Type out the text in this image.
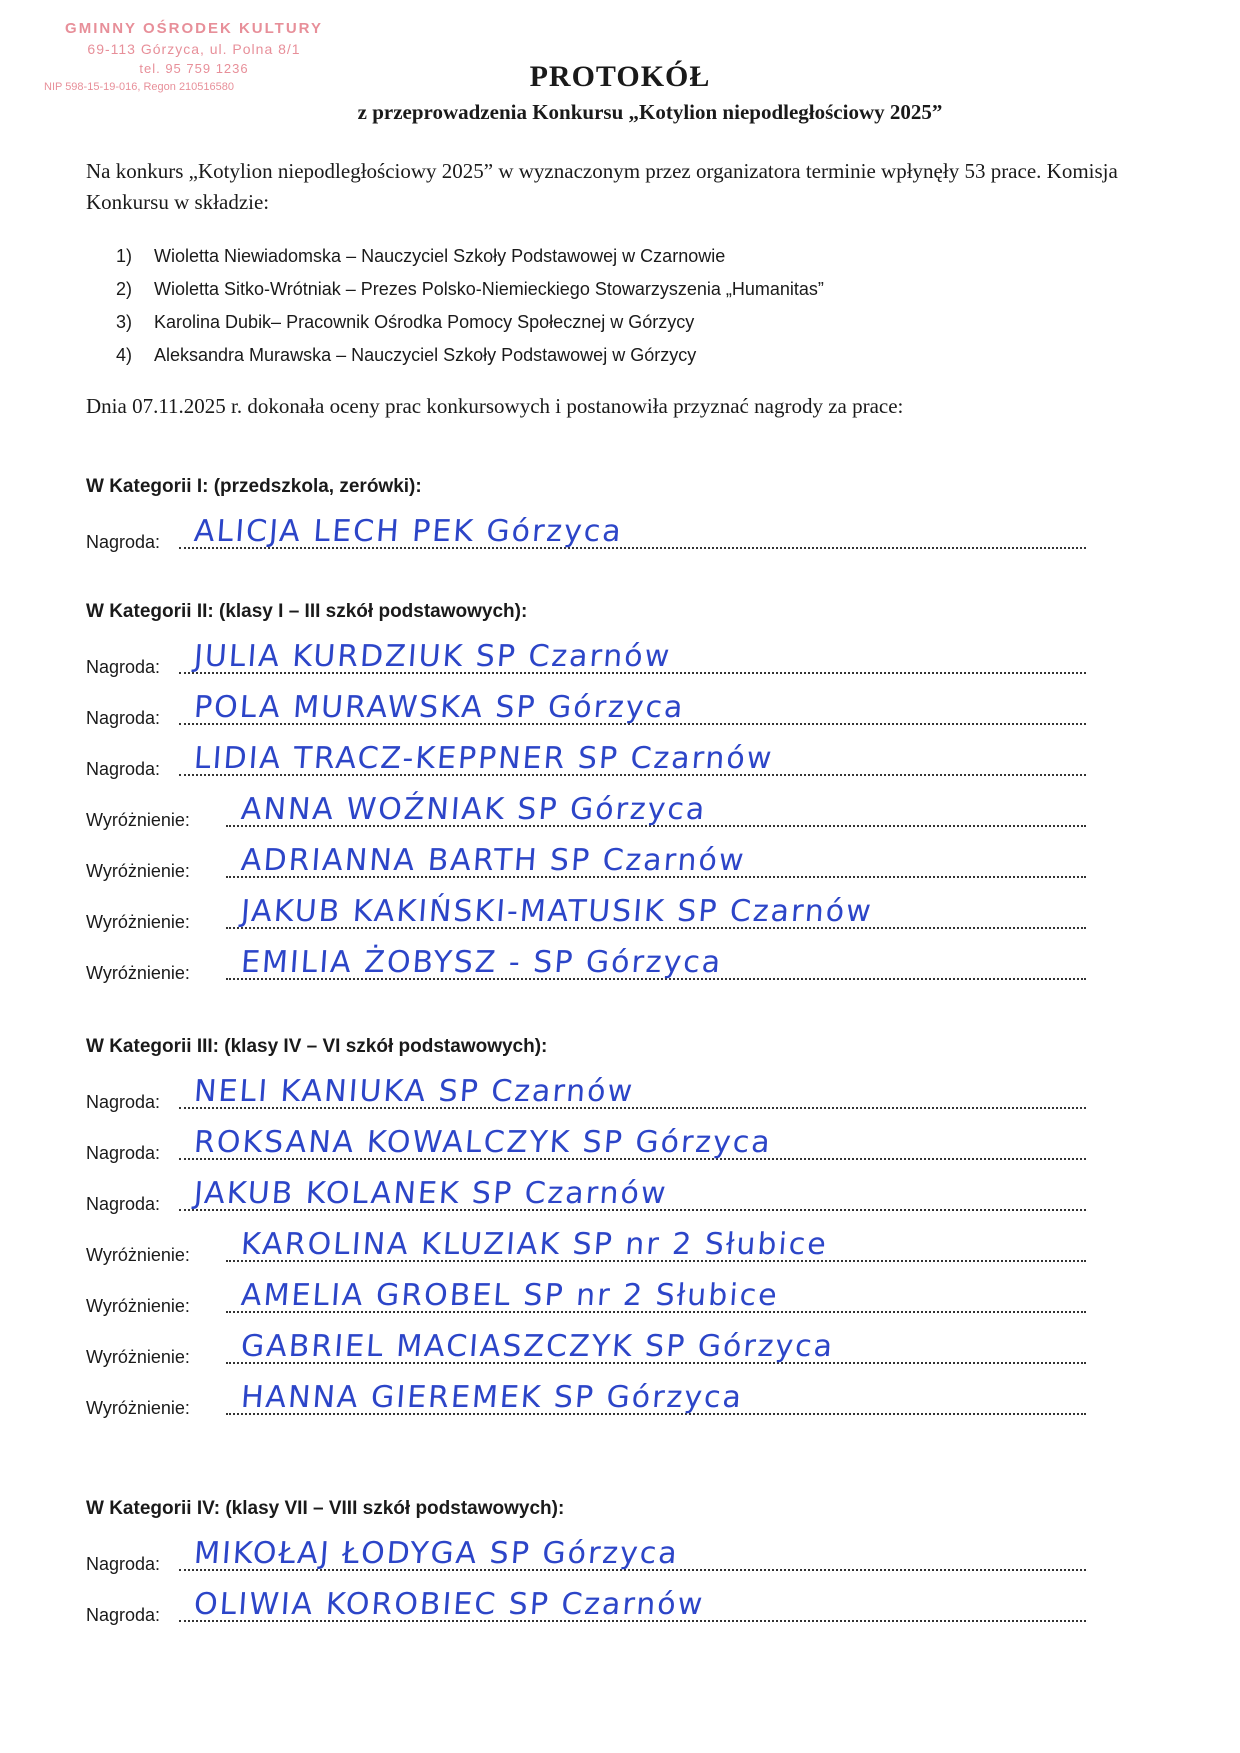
GMINNY OŚRODEK KULTURY
69-113 Górzyca, ul. Polna 8/1
tel. 95 759 1236
NIP 598-15-19-016, Regon 210516580	PROTOKÓŁ
z przeprowadzenia Konkursu „Kotylion niepodległościowy 2025”
Na konkurs „Kotylion niepodległościowy 2025” w wyznaczonym przez organizatora terminie wpłynęły 53 prace. Komisja Konkursu w składzie:
1) Wioletta Niewiadomska – Nauczyciel Szkoły Podstawowej w Czarnowie
2) Wioletta Sitko-Wrótniak – Prezes Polsko-Niemieckiego Stowarzyszenia „Humanitas”
3) Karolina Dubik– Pracownik Ośrodka Pomocy Społecznej w Górzycy
4) Aleksandra Murawska – Nauczyciel Szkoły Podstawowej w Górzycy
Dnia 07.11.2025 r. dokonała oceny prac konkursowych i postanowiła przyznać nagrody za prace:
W Kategorii I: (przedszkola, zerówki):
Nagroda: ALICJA LECH PEK Górzyca
W Kategorii II: (klasy I – III szkół podstawowych):
Nagroda: JULIA KURDZIUK SP Czarnów
Nagroda: POLA MURAWSKA SP Górzyca
Nagroda: LIDIA TRACZ-KEPPNER SP Czarnów
Wyróżnienie: ANNA WOŹNIAK SP Górzyca
Wyróżnienie: ADRIANNA BARTH SP Czarnów
Wyróżnienie: JAKUB KAKIŃSKI-MATUSIK SP Czarnów
Wyróżnienie: EMILIA ŻOBYSZ - SP Górzyca
W Kategorii III: (klasy IV – VI szkół podstawowych):
Nagroda: NELI KANIUKA SP Czarnów
Nagroda: ROKSANA KOWALCZYK SP Górzyca
Nagroda: JAKUB KOLANEK SP Czarnów
Wyróżnienie: KAROLINA KLUZIAK SP nr 2 Słubice
Wyróżnienie: AMELIA GROBEL SP nr 2 Słubice
Wyróżnienie: GABRIEL MACIASZCZYK SP Górzyca
Wyróżnienie: HANNA GIEREMEK SP Górzyca
W Kategorii IV: (klasy VII – VIII szkół podstawowych):
Nagroda: MIKOŁAJ ŁODYGA SP Górzyca
Nagroda: OLIWIA KOROBIEC SP Czarnów
